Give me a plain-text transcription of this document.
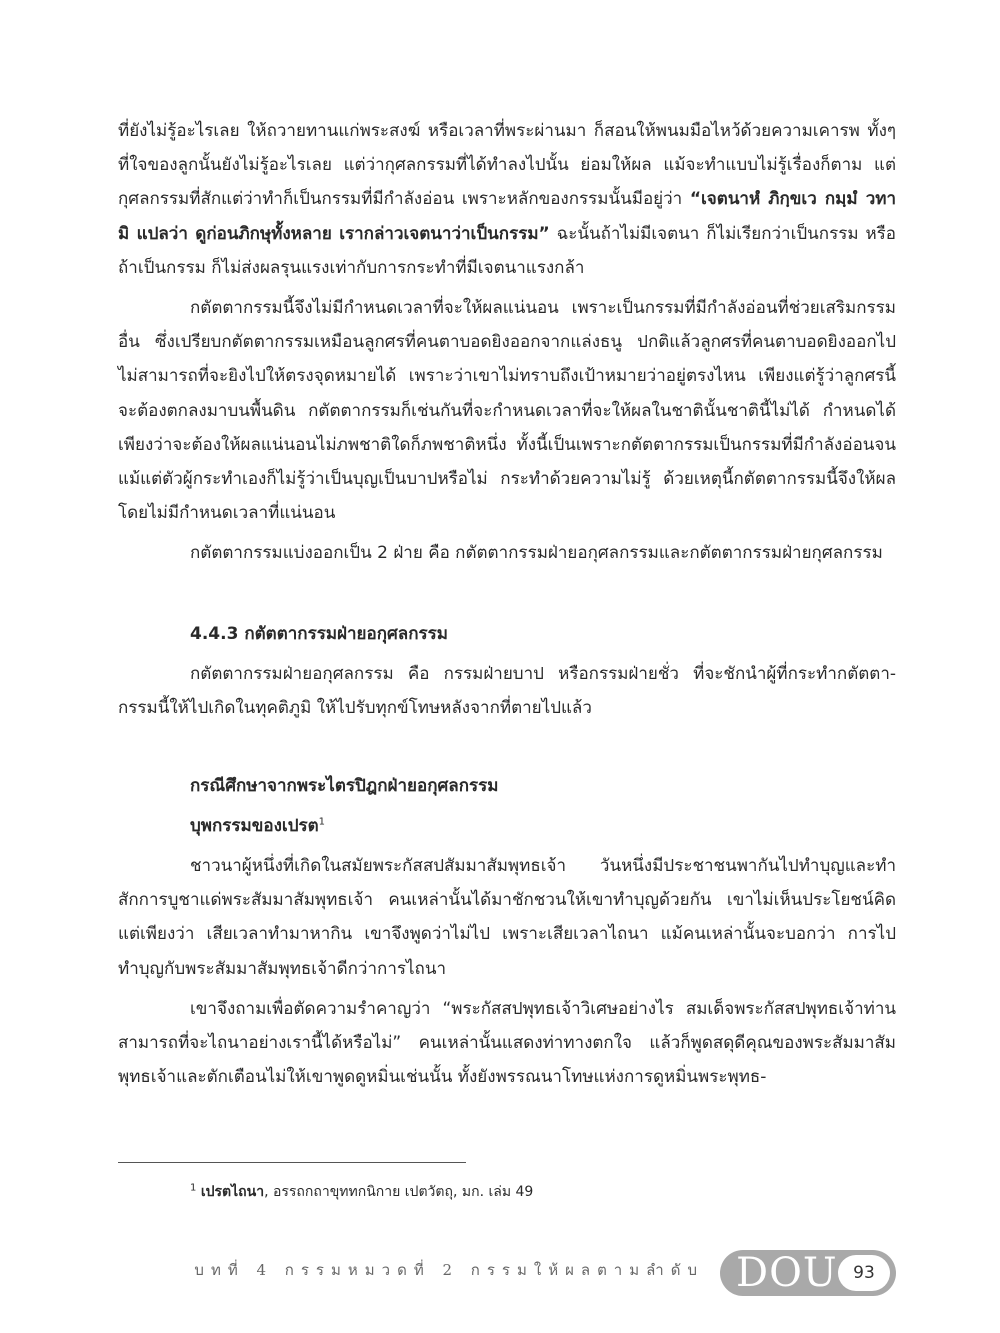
ที่ยังไม่รู้อะไรเลย ให้ถวายทานแก่พระสงฆ์ หรือเวลาที่พระผ่านมา ก็สอนให้พนมมือไหว้ด้วยความเคารพ ทั้งๆ ที่ใจของลูกนั้นยังไม่รู้อะไรเลย แต่ว่ากุศลกรรมที่ได้ทำลงไปนั้น ย่อมให้ผล แม้จะทำแบบไม่รู้เรื่องก็ตาม แต่กุศลกรรมที่สักแต่ว่าทำก็เป็นกรรมที่มีกำลังอ่อน เพราะหลักของกรรมนั้นมีอยู่ว่า “เจตนาหํ ภิกฺขเว กมฺมํ วทามิ แปลว่า ดูก่อนภิกษุทั้งหลาย เรากล่าวเจตนาว่าเป็นกรรม” ฉะนั้นถ้าไม่มีเจตนา ก็ไม่เรียกว่าเป็นกรรม หรือถ้าเป็นกรรม ก็ไม่ส่งผลรุนแรงเท่ากับการกระทำที่มีเจตนาแรงกล้า

กตัตตากรรมนี้จึงไม่มีกำหนดเวลาที่จะให้ผลแน่นอน เพราะเป็นกรรมที่มีกำลังอ่อนที่ช่วยเสริมกรรมอื่น ซึ่งเปรียบกตัตตากรรมเหมือนลูกศรที่คนตาบอดยิงออกจากแล่งธนู ปกติแล้วลูกศรที่คนตาบอดยิงออกไปไม่สามารถที่จะยิงไปให้ตรงจุดหมายได้ เพราะว่าเขาไม่ทราบถึงเป้าหมายว่าอยู่ตรงไหน เพียงแต่รู้ว่าลูกศรนี้จะต้องตกลงมาบนพื้นดิน กตัตตากรรมก็เช่นกันที่จะกำหนดเวลาที่จะให้ผลในชาตินั้นชาตินี้ไม่ได้ กำหนดได้เพียงว่าจะต้องให้ผลแน่นอนไม่ภพชาติใดก็ภพชาติหนึ่ง ทั้งนี้เป็นเพราะกตัตตากรรมเป็นกรรมที่มีกำลังอ่อนจนแม้แต่ตัวผู้กระทำเองก็ไม่รู้ว่าเป็นบุญเป็นบาปหรือไม่ กระทำด้วยความไม่รู้ ด้วยเหตุนี้กตัตตากรรมนี้จึงให้ผลโดยไม่มีกำหนดเวลาที่แน่นอน

กตัตตากรรมแบ่งออกเป็น 2 ฝ่าย คือ กตัตตากรรมฝ่ายอกุศลกรรมและกตัตตากรรมฝ่ายกุศลกรรม

4.4.3 กตัตตากรรมฝ่ายอกุศลกรรม

กตัตตากรรมฝ่ายอกุศลกรรม คือ กรรมฝ่ายบาป หรือกรรมฝ่ายชั่ว ที่จะชักนำผู้ที่กระทำกตัตตา-กรรมนี้ให้ไปเกิดในทุคติภูมิ ให้ไปรับทุกข์โทษหลังจากที่ตายไปแล้ว

กรณีศึกษาจากพระไตรปิฎกฝ่ายอกุศลกรรม
บุพกรรมของเปรต$^1$

ชาวนาผู้หนึ่งที่เกิดในสมัยพระกัสสปสัมมาสัมพุทธเจ้า วันหนึ่งมีประชาชนพากันไปทำบุญและทำสักการบูชาแด่พระสัมมาสัมพุทธเจ้า คนเหล่านั้นได้มาชักชวนให้เขาทำบุญด้วยกัน เขาไม่เห็นประโยชน์คิดแต่เพียงว่า เสียเวลาทำมาหากิน เขาจึงพูดว่าไม่ไป เพราะเสียเวลาไถนา แม้คนเหล่านั้นจะบอกว่า การไปทำบุญกับพระสัมมาสัมพุทธเจ้าดีกว่าการไถนา

เขาจึงถามเพื่อตัดความรำคาญว่า “พระกัสสปพุทธเจ้าวิเศษอย่างไร สมเด็จพระกัสสปพุทธเจ้าท่านสามารถที่จะไถนาอย่างเรานี้ได้หรือไม่” คนเหล่านั้นแสดงท่าทางตกใจ แล้วก็พูดสดุดีคุณของพระสัมมาสัมพุทธเจ้าและตักเตือนไม่ให้เขาพูดดูหมิ่นเช่นนั้น ทั้งยังพรรณนาโทษแห่งการดูหมิ่นพระพุทธ-

$^1$ เปรตไถนา, อรรถกถาขุททกนิกาย เปตวัตถุ, มก. เล่ม 49
บทที่ 4 กรรมหมวดที่ 2 กรรมให้ผลตามลำดับ DOU 93
